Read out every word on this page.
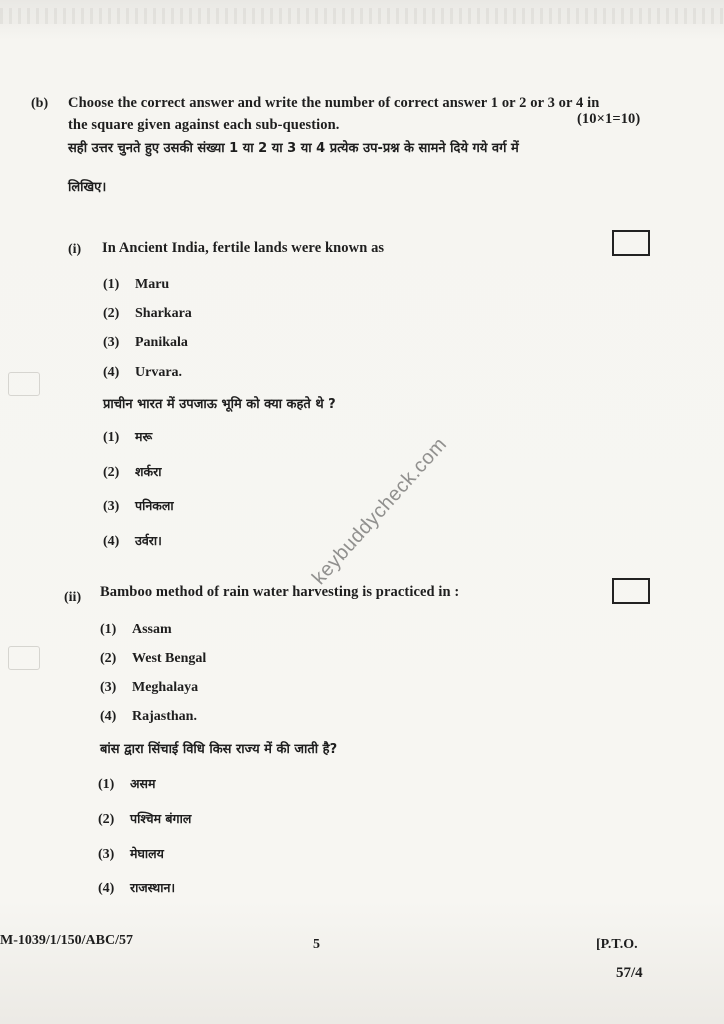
(b) Choose the correct answer and write the number of correct answer 1 or 2 or 3 or 4 in
the square given against each sub-question.	(10×1=10)
सही उत्तर चुनते हुए उसकी संख्या 1 या 2 या 3 या 4 प्रत्येक उप-प्रश्न के सामने दिये गये वर्ग में
लिखिए।
(i) In Ancient India, fertile lands were known as
(1) Maru
(2) Sharkara
(3) Panikala
(4) Urvara.
प्राचीन भारत में उपजाऊ भूमि को क्या कहते थे ?
(1) मरू
(2) शर्करा
(3) पनिकला
(4) उर्वरा।
(ii) Bamboo method of rain water harvesting is practiced in :
(1) Assam
(2) West Bengal
(3) Meghalaya
(4) Rajasthan.
बांस द्वारा सिंचाई विधि किस राज्य में की जाती है?
(1) असम
(2) पश्चिम बंगाल
(3) मेघालय
(4) राजस्थान।
keybuddycheck.com
M-1039/1/150/ABC/57	5	[P.T.O.
57/4
